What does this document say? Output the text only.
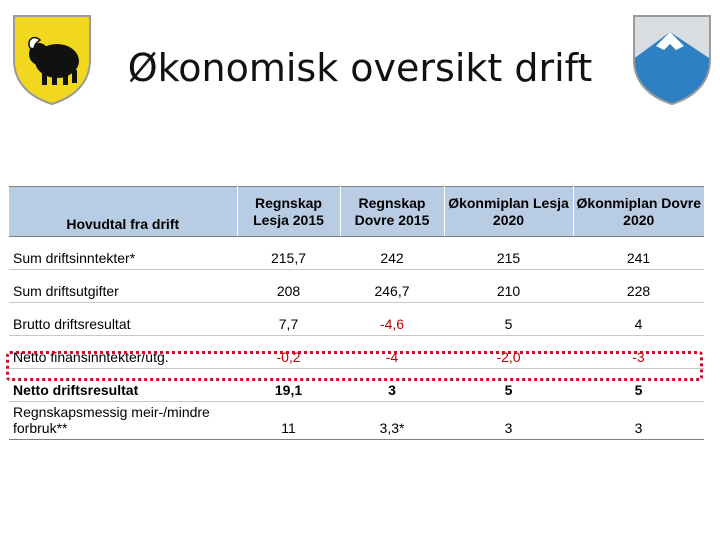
Økonomisk oversikt drift
Hovudtal fra drift	Regnskap Lesja 2015	Regnskap Dovre 2015	Økonmiplan Lesja 2020	Økonmiplan Dovre 2020
Sum driftsinntekter*	215,7	242	215	241
Sum driftsutgifter	208	246,7	210	228
Brutto driftsresultat	7,7	-4,6	5	4
Netto finansinntekter/utg.	-0,2	-4	-2,0	-3
Netto driftsresultat	19,1	3	5	5
Regnskapsmessig meir-/mindre forbruk**	11	3,3*	3	3
